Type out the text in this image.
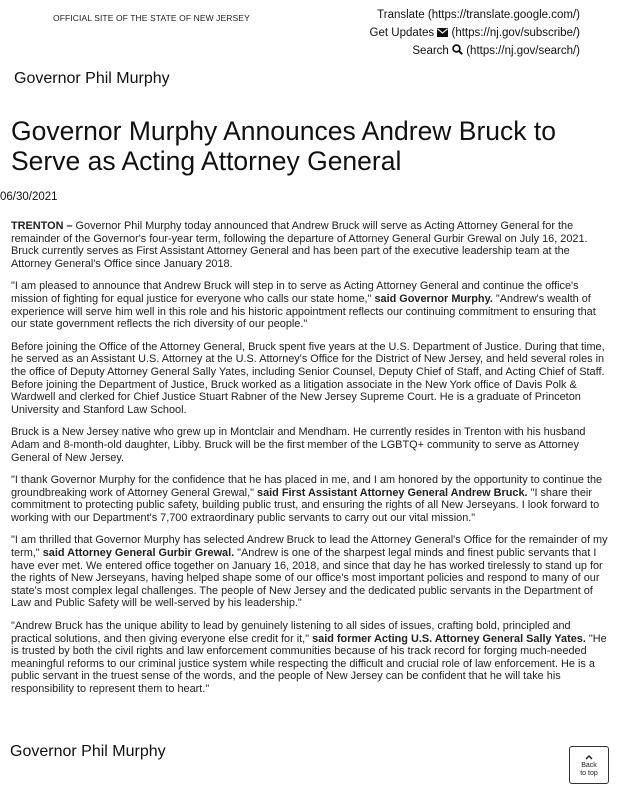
OFFICIAL SITE OF THE STATE OF NEW JERSEY	Translate (https://translate.google.com/)
Get Updates (https://nj.gov/subscribe/)
Search (https://nj.gov/search/)
Governor Phil Murphy
Governor Murphy Announces Andrew Bruck to Serve as Acting Attorney General
06/30/2021

TRENTON – Governor Phil Murphy today announced that Andrew Bruck will serve as Acting Attorney General for the remainder of the Governor's four-year term, following the departure of Attorney General Gurbir Grewal on July 16, 2021. Bruck currently serves as First Assistant Attorney General and has been part of the executive leadership team at the Attorney General's Office since January 2018.

"I am pleased to announce that Andrew Bruck will step in to serve as Acting Attorney General and continue the office's mission of fighting for equal justice for everyone who calls our state home," said Governor Murphy. "Andrew's wealth of experience will serve him well in this role and his historic appointment reflects our continuing commitment to ensuring that our state government reflects the rich diversity of our people."

Before joining the Office of the Attorney General, Bruck spent five years at the U.S. Department of Justice. During that time, he served as an Assistant U.S. Attorney at the U.S. Attorney's Office for the District of New Jersey, and held several roles in the office of Deputy Attorney General Sally Yates, including Senior Counsel, Deputy Chief of Staff, and Acting Chief of Staff. Before joining the Department of Justice, Bruck worked as a litigation associate in the New York office of Davis Polk & Wardwell and clerked for Chief Justice Stuart Rabner of the New Jersey Supreme Court. He is a graduate of Princeton University and Stanford Law School.

Bruck is a New Jersey native who grew up in Montclair and Mendham. He currently resides in Trenton with his husband Adam and 8-month-old daughter, Libby. Bruck will be the first member of the LGBTQ+ community to serve as Attorney General of New Jersey.

"I thank Governor Murphy for the confidence that he has placed in me, and I am honored by the opportunity to continue the groundbreaking work of Attorney General Grewal," said First Assistant Attorney General Andrew Bruck. "I share their commitment to protecting public safety, building public trust, and ensuring the rights of all New Jerseyans. I look forward to working with our Department's 7,700 extraordinary public servants to carry out our vital mission."

"I am thrilled that Governor Murphy has selected Andrew Bruck to lead the Attorney General's Office for the remainder of my term," said Attorney General Gurbir Grewal. "Andrew is one of the sharpest legal minds and finest public servants that I have ever met. We entered office together on January 16, 2018, and since that day he has worked tirelessly to stand up for the rights of New Jerseyans, having helped shape some of our office's most important policies and respond to many of our state's most complex legal challenges. The people of New Jersey and the dedicated public servants in the Department of Law and Public Safety will be well-served by his leadership."

"Andrew Bruck has the unique ability to lead by genuinely listening to all sides of issues, crafting bold, principled and practical solutions, and then giving everyone else credit for it," said former Acting U.S. Attorney General Sally Yates. "He is trusted by both the civil rights and law enforcement communities because of his track record for forging much-needed meaningful reforms to our criminal justice system while respecting the difficult and crucial role of law enforcement. He is a public servant in the truest sense of the words, and the people of New Jersey can be confident that he will take his responsibility to represent them to heart."

Governor Phil Murphy
Back
to top
